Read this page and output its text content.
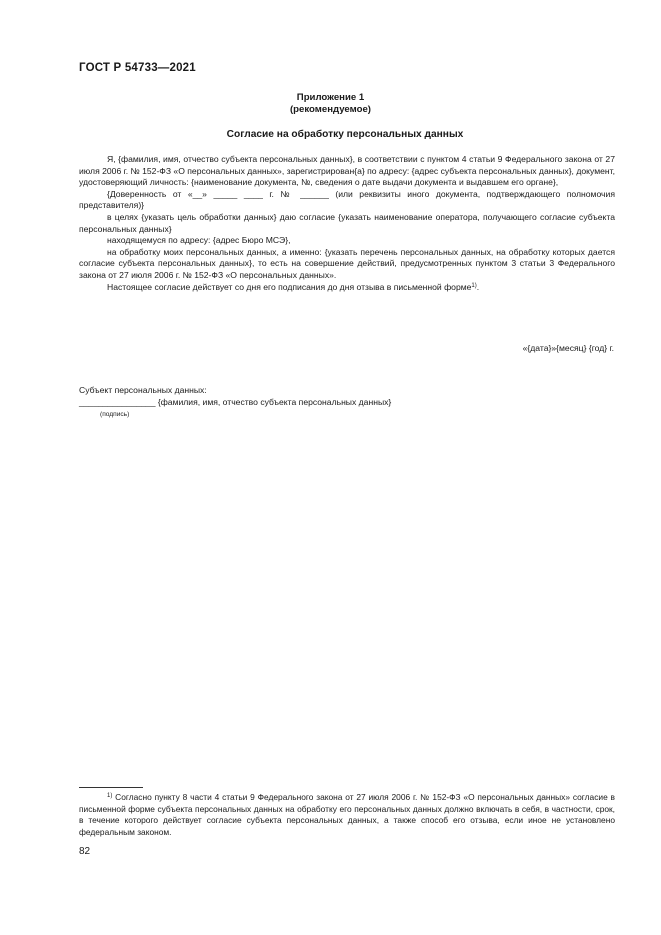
ГОСТ Р 54733—2021
Приложение 1
(рекомендуемое)
Согласие на обработку персональных данных

Я, {фамилия, имя, отчество субъекта персональных данных}, в соответствии с пунктом 4 статьи 9 Федерального закона от 27 июля 2006 г. № 152-ФЗ «О персональных данных», зарегистрирован{а} по адресу: {адрес субъекта персональных данных}, документ, удостоверяющий личность: {наименование документа, №, сведения о дате выдачи документа и выдавшем его органе},

{Доверенность от «__» _____ ____ г. № ______ (или реквизиты иного документа, подтверждающего полномочия представителя)}

в целях {указать цель обработки данных} даю согласие {указать наименование оператора, получающего согласие субъекта персональных данных}

находящемуся по адресу: {адрес Бюро МСЭ},

на обработку моих персональных данных, а именно: {указать перечень персональных данных, на обработку которых дается согласие субъекта персональных данных}, то есть на совершение действий, предусмотренных пунктом 3 статьи 3 Федерального закона от 27 июля 2006 г. № 152-ФЗ «О персональных данных».

Настоящее согласие действует со дня его подписания до дня отзыва в письменной форме$^{1)}$.

«{дата}»{месяц} {год} г.
Субъект персональных данных:
________________ {фамилия, имя, отчество субъекта персональных данных}
(подпись)

$^{1)}$ Согласно пункту 8 части 4 статьи 9 Федерального закона от 27 июля 2006 г. № 152-ФЗ «О персональных данных» согласие в письменной форме субъекта персональных данных на обработку его персональных данных должно включать в себя, в частности, срок, в течение которого действует согласие субъекта персональных данных, а также способ его отзыва, если иное не установлено федеральным законом.

82
